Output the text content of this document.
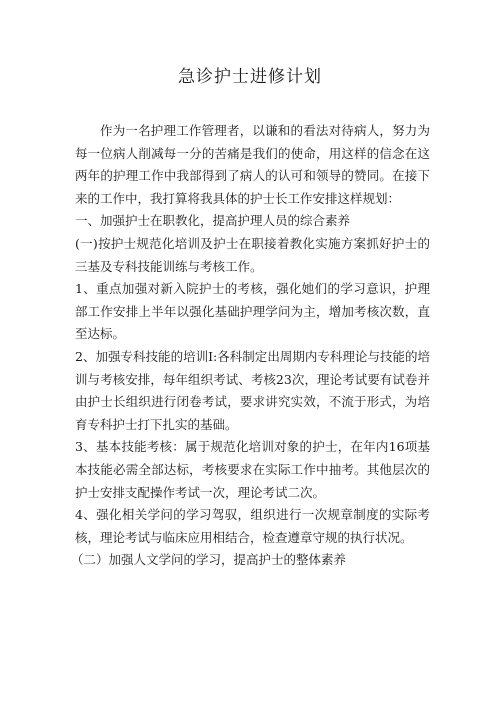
急诊护士进修计划

作为一名护理工作管理者，以谦和的看法对待病人，努力为每一位病人削减每一分的苦痛是我们的使命，用这样的信念在这两年的护理工作中我部得到了病人的认可和领导的赞同。在接下来的工作中，我打算将我具体的护士长工作安排这样规划：

一、加强护士在职教化，提高护理人员的综合素养

(一)按护士规范化培训及护士在职接着教化实施方案抓好护士的三基及专科技能训练与考核工作。

1、重点加强对新入院护士的考核，强化她们的学习意识，护理部工作安排上半年以强化基础护理学问为主，增加考核次数，直至达标。

2、加强专科技能的培训I:各科制定出周期内专科理论与技能的培训与考核安排，每年组织考试、考核23次，理论考试要有试卷并由护士长组织进行闭卷考试，要求讲究实效，不流于形式，为培育专科护士打下扎实的基础。

3、基本技能考核：属于规范化培训对象的护士，在年内16项基本技能必需全部达标，考核要求在实际工作中抽考。其他层次的护士安排支配操作考试一次，理论考试二次。

4、强化相关学问的学习驾驭，组织进行一次规章制度的实际考核，理论考试与临床应用相结合，检查遵章守规的执行状况。

（二）加强人文学问的学习，提高护士的整体素养
